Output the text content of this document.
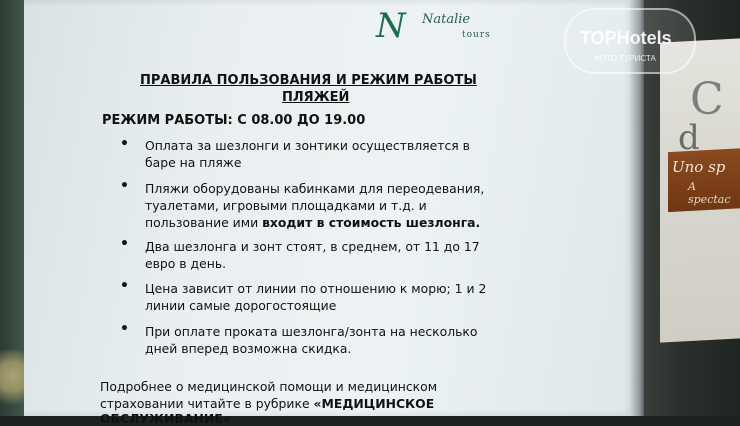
C
d
Uno sp
A spectac
N Natalie
tours	TOPHotels
ФОТО ТУРИСТА
ПРАВИЛА ПОЛЬЗОВАНИЯ И РЕЖИМ РАБОТЫ
ПЛЯЖЕЙ
РЕЖИМ РАБОТЫ: С 08.00 ДО 19.00
• Оплата за шезлонги и зонтики осуществляется в
баре на пляже
• Пляжи оборудованы кабинками для переодевания,
туалетами, игровыми площадками и т.д. и
пользование ими входит в стоимость шезлонга.
• Два шезлонга и зонт стоят, в среднем, от 11 до 17
евро в день.
• Цена зависит от линии по отношению к морю; 1 и 2
линии самые дорогостоящие
• При оплате проката шезлонга/зонта на несколько
дней вперед возможна скидка.
Подробнее о медицинской помощи и медицинском
страховании читайте в рубрике «МЕДИЦИНСКОЕ
ОБСЛУЖИВАНИЕ»
